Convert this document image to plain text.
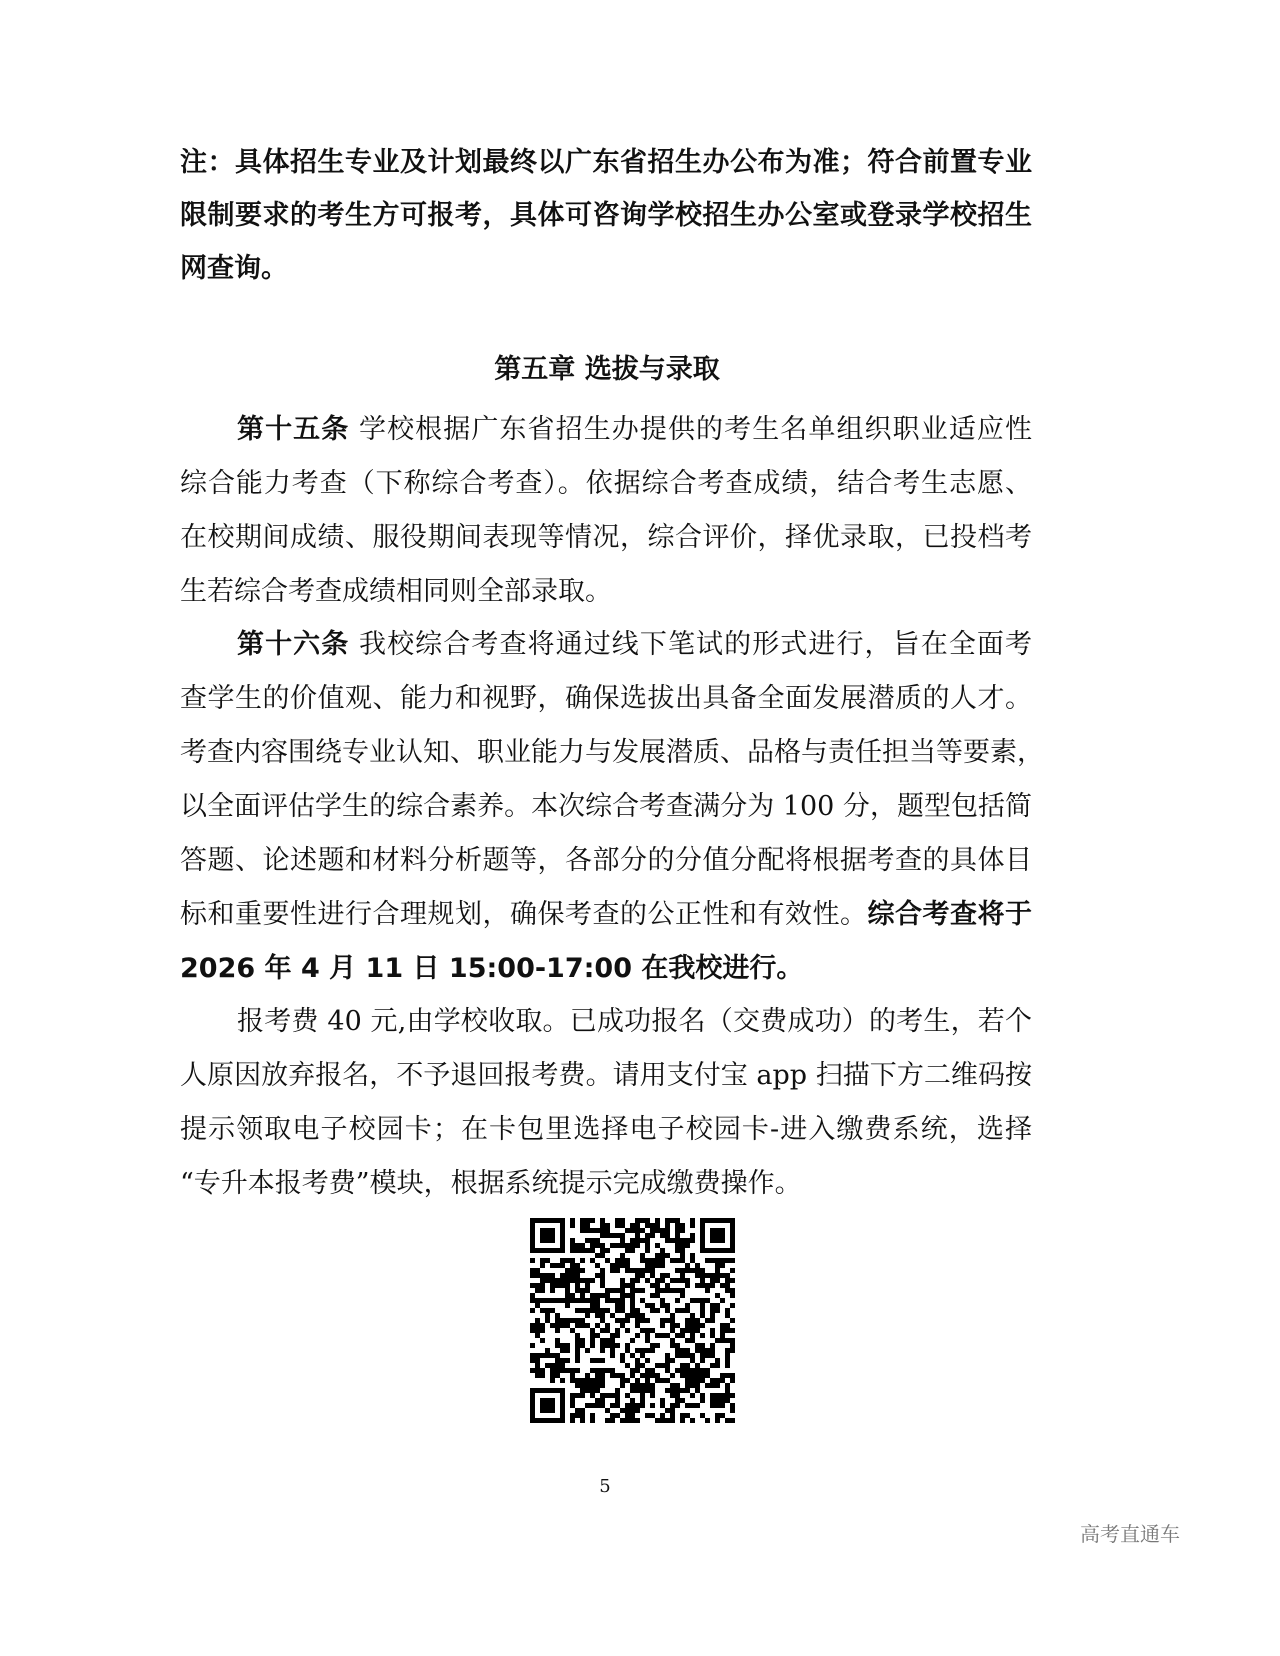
注：具体招生专业及计划最终以广东省招生办公布为准；符合前置专业
限制要求的考生方可报考，具体可咨询学校招生办公室或登录学校招生
网查询。
第五章 选拔与录取
第十五条 学校根据广东省招生办提供的考生名单组织职业适应性
综合能力考查（下称综合考查）。依据综合考查成绩，结合考生志愿、
在校期间成绩、服役期间表现等情况，综合评价，择优录取，已投档考
生若综合考查成绩相同则全部录取。
第十六条 我校综合考查将通过线下笔试的形式进行，旨在全面考
查学生的价值观、能力和视野，确保选拔出具备全面发展潜质的人才。
考查内容围绕专业认知、职业能力与发展潜质、品格与责任担当等要素，
以全面评估学生的综合素养。本次综合考查满分为 100 分，题型包括简
答题、论述题和材料分析题等，各部分的分值分配将根据考查的具体目
标和重要性进行合理规划，确保考查的公正性和有效性。综合考查将于
2026 年 4 月 11 日 15:00-17:00 在我校进行。
报考费 40 元,由学校收取。已成功报名（交费成功）的考生，若个
人原因放弃报名，不予退回报考费。请用支付宝 app 扫描下方二维码按
提示领取电子校园卡；在卡包里选择电子校园卡-进入缴费系统，选择
“专升本报考费”模块，根据系统提示完成缴费操作。
5
高考直通车
